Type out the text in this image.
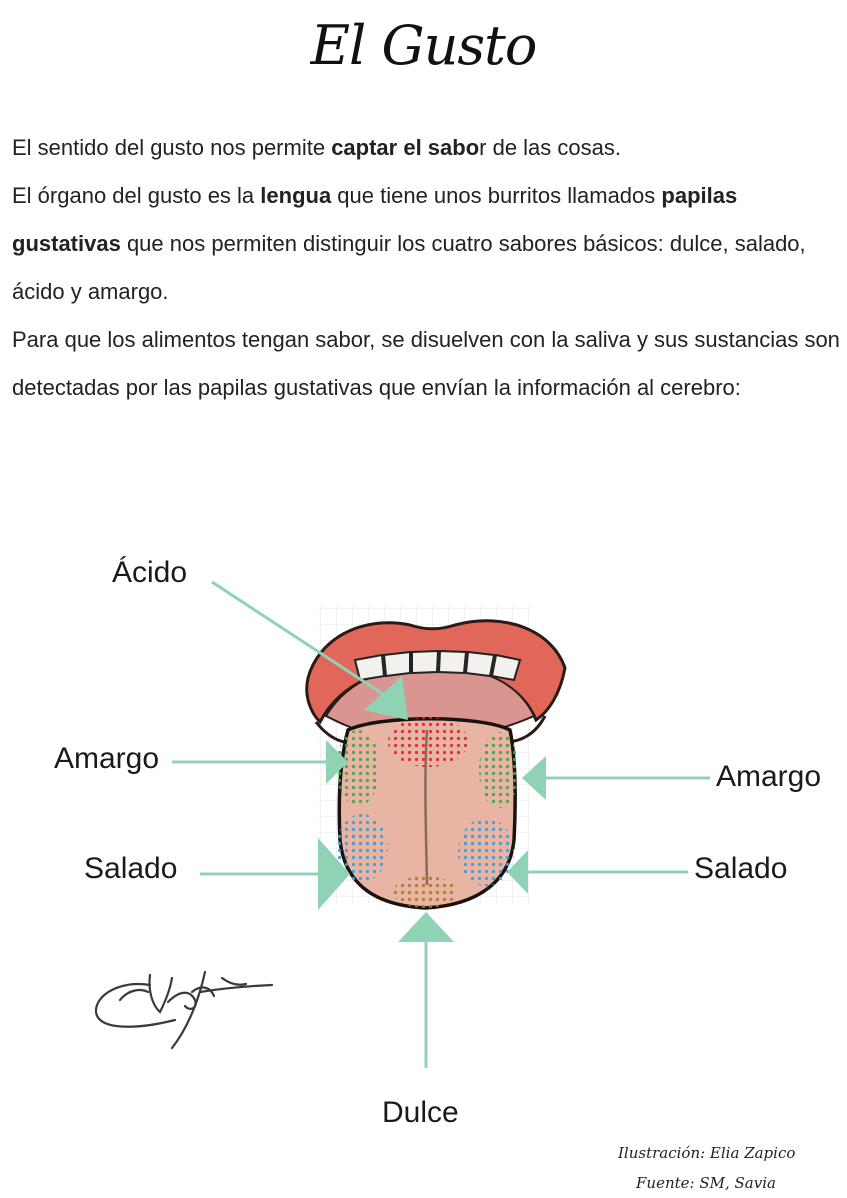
El Gusto
El sentido del gusto nos permite captar el sabor de las cosas.
El órgano del gusto es la lengua que tiene unos burritos llamados papilas gustativas que nos permiten distinguir los cuatro sabores básicos: dulce, salado, ácido y amargo.
Para que los alimentos tengan sabor, se disuelven con la saliva y sus sustancias son detectadas por las papilas gustativas que envían la información al cerebro:
Ácido
Amargo
Amargo
Salado	Salado
Dulce
Ilustración: Elia Zapico
Fuente: SM, Savia
